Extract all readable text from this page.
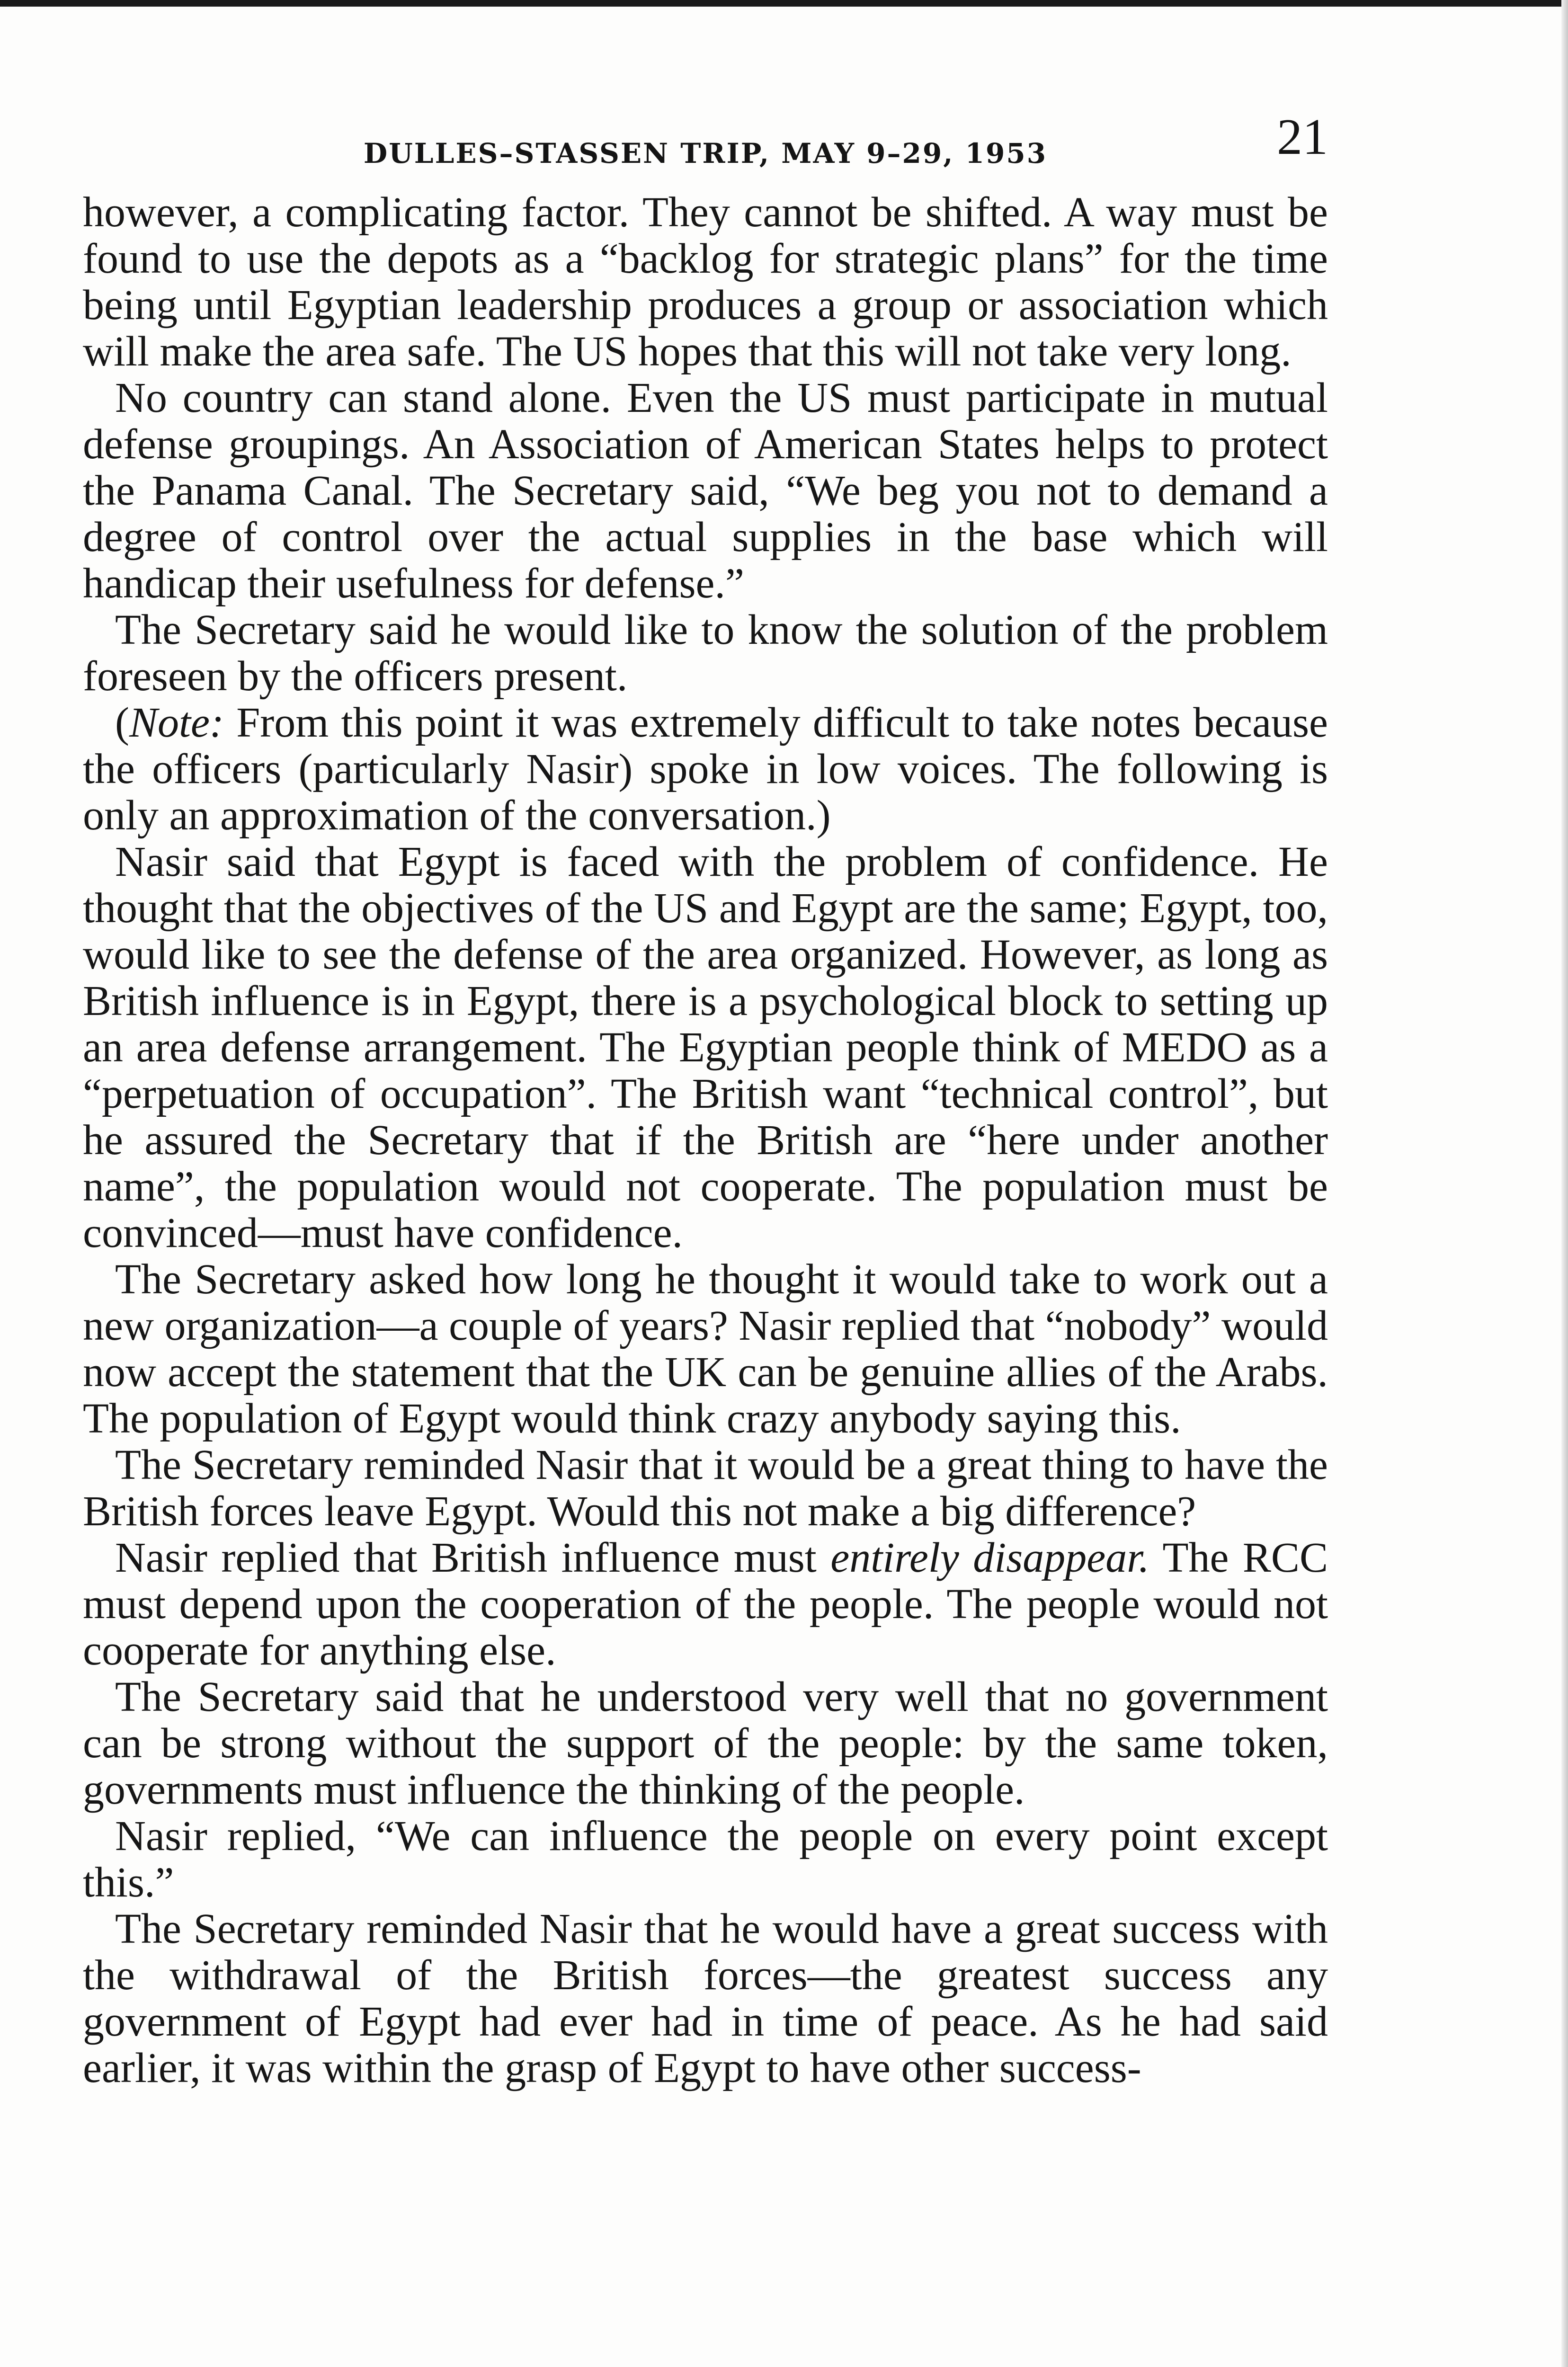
DULLES–STASSEN TRIP, MAY 9–29, 1953	21

however, a complicating factor. They cannot be shifted. A way must be found to use the depots as a “backlog for strategic plans” for the time being until Egyptian leadership produces a group or association which will make the area safe. The US hopes that this will not take very long.

No country can stand alone. Even the US must participate in mutual defense groupings. An Association of American States helps to protect the Panama Canal. The Secretary said, “We beg you not to demand a degree of control over the actual supplies in the base which will handicap their usefulness for defense.”

The Secretary said he would like to know the solution of the problem foreseen by the officers present.

(Note: From this point it was extremely difficult to take notes because the officers (particularly Nasir) spoke in low voices. The following is only an approximation of the conversation.)

Nasir said that Egypt is faced with the problem of confidence. He thought that the objectives of the US and Egypt are the same; Egypt, too, would like to see the defense of the area organized. However, as long as British influence is in Egypt, there is a psychological block to setting up an area defense arrangement. The Egyptian people think of MEDO as a “perpetuation of occupation”. The British want “technical control”, but he assured the Secretary that if the British are “here under another name”, the population would not cooperate. The population must be convinced—must have confidence.

The Secretary asked how long he thought it would take to work out a new organization—a couple of years? Nasir replied that “nobody” would now accept the statement that the UK can be genuine allies of the Arabs. The population of Egypt would think crazy anybody saying this.

The Secretary reminded Nasir that it would be a great thing to have the British forces leave Egypt. Would this not make a big difference?

Nasir replied that British influence must entirely disappear. The RCC must depend upon the cooperation of the people. The people would not cooperate for anything else.

The Secretary said that he understood very well that no government can be strong without the support of the people: by the same token, governments must influence the thinking of the people.

Nasir replied, “We can influence the people on every point except this.”

The Secretary reminded Nasir that he would have a great success with the withdrawal of the British forces—the greatest success any government of Egypt had ever had in time of peace. As he had said earlier, it was within the grasp of Egypt to have other success-
